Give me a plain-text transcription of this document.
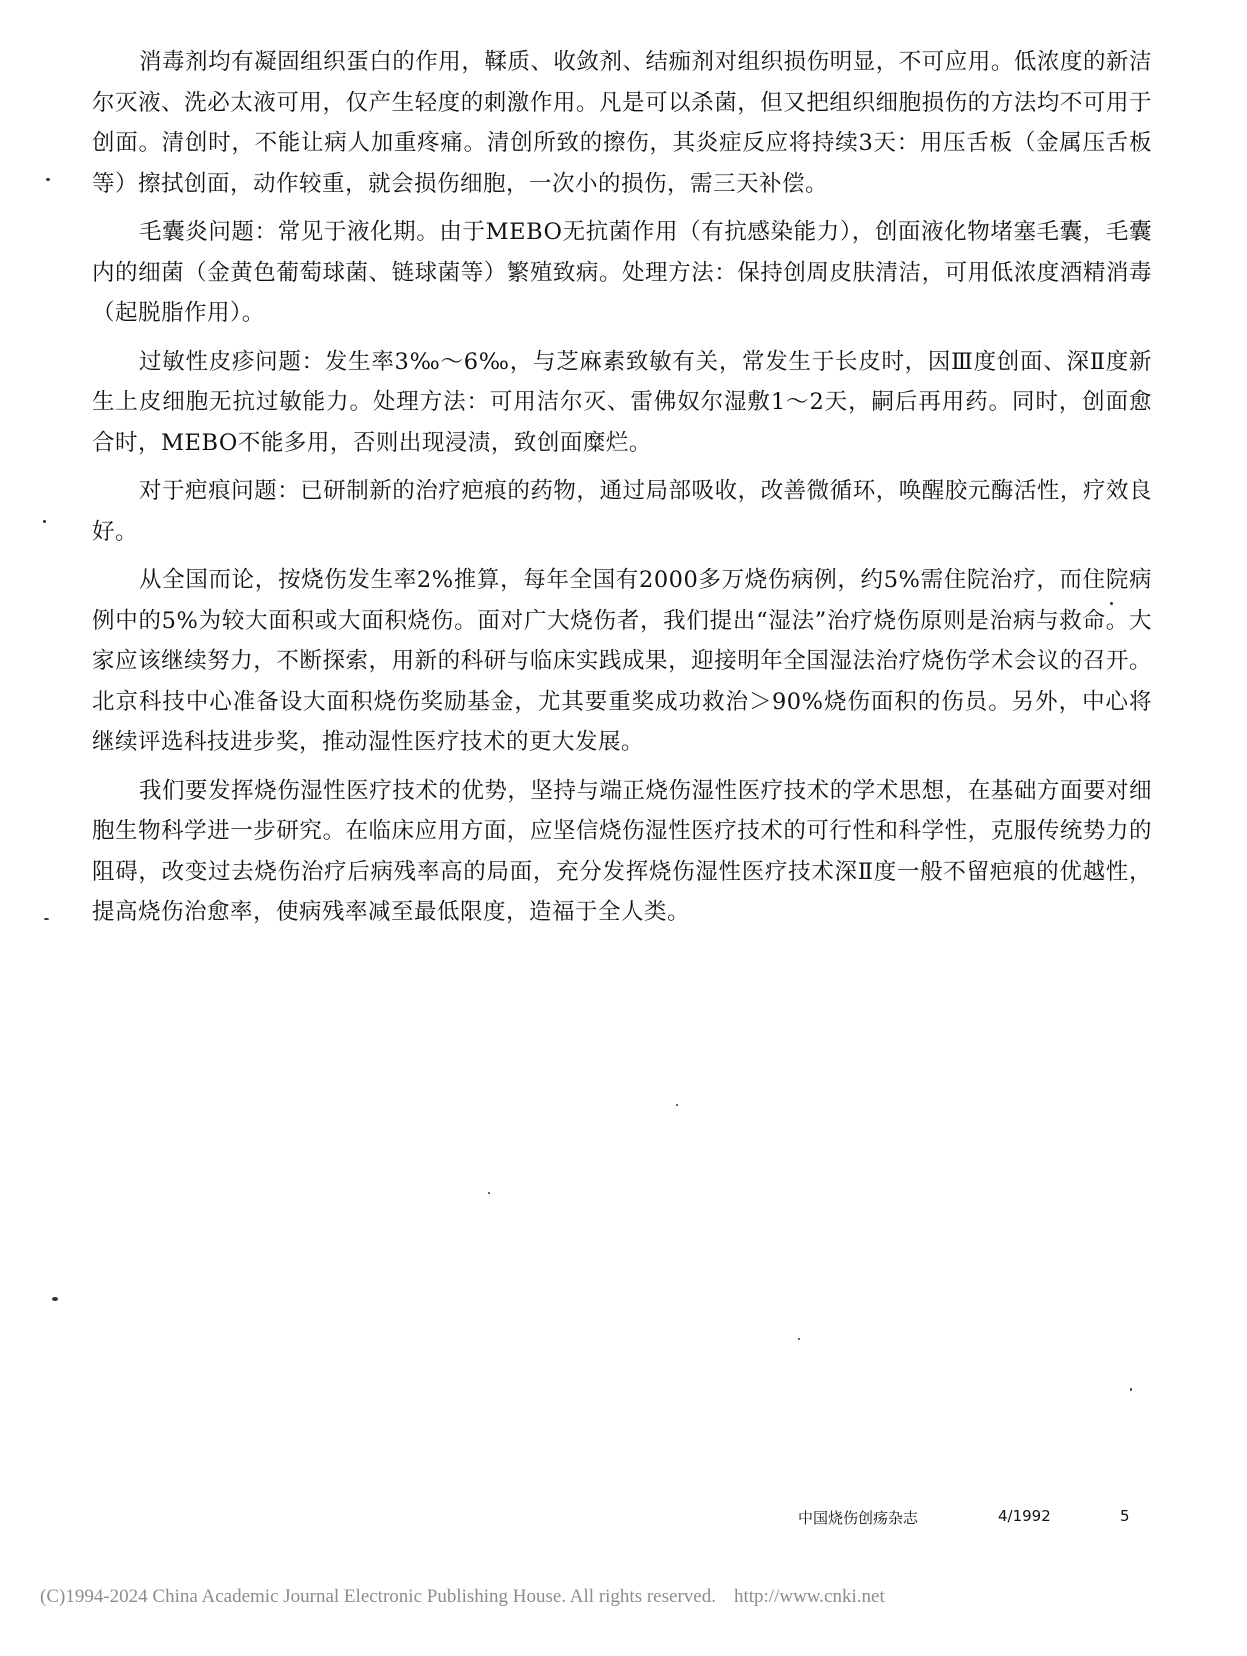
消毒剂均有凝固组织蛋白的作用，鞣质、收敛剂、结痂剂对组织损伤明显，不可应用。低浓度的新洁尔灭液、洗必太液可用，仅产生轻度的刺激作用。凡是可以杀菌，但又把组织细胞损伤的方法均不可用于创面。清创时，不能让病人加重疼痛。清创所致的擦伤，其炎症反应将持续3天：用压舌板（金属压舌板等）擦拭创面，动作较重，就会损伤细胞，一次小的损伤，需三天补偿。

毛囊炎问题：常见于液化期。由于MEBO无抗菌作用（有抗感染能力），创面液化物堵塞毛囊，毛囊内的细菌（金黄色葡萄球菌、链球菌等）繁殖致病。处理方法：保持创周皮肤清洁，可用低浓度酒精消毒（起脱脂作用）。

过敏性皮疹问题：发生率3‰～6‰，与芝麻素致敏有关，常发生于长皮时，因Ⅲ度创面、深Ⅱ度新生上皮细胞无抗过敏能力。处理方法：可用洁尔灭、雷佛奴尔湿敷1～2天，嗣后再用药。同时，创面愈合时，MEBO不能多用，否则出现浸渍，致创面糜烂。

对于疤痕问题：已研制新的治疗疤痕的药物，通过局部吸收，改善微循环，唤醒胶元酶活性，疗效良好。

从全国而论，按烧伤发生率2%推算，每年全国有2000多万烧伤病例，约5%需住院治疗，而住院病例中的5%为较大面积或大面积烧伤。面对广大烧伤者，我们提出“湿法”治疗烧伤原则是治病与救命。大家应该继续努力，不断探索，用新的科研与临床实践成果，迎接明年全国湿法治疗烧伤学术会议的召开。北京科技中心准备设大面积烧伤奖励基金，尤其要重奖成功救治＞90%烧伤面积的伤员。另外，中心将继续评选科技进步奖，推动湿性医疗技术的更大发展。

我们要发挥烧伤湿性医疗技术的优势，坚持与端正烧伤湿性医疗技术的学术思想，在基础方面要对细胞生物科学进一步研究。在临床应用方面，应坚信烧伤湿性医疗技术的可行性和科学性，克服传统势力的阻碍，改变过去烧伤治疗后病残率高的局面，充分发挥烧伤湿性医疗技术深Ⅱ度一般不留疤痕的优越性，提高烧伤治愈率，使病残率减至最低限度，造福于全人类。

中国烧伤创疡杂志	4/1992	5
(C)1994-2024 China Academic Journal Electronic Publishing House. All rights reserved. http://www.cnki.net
